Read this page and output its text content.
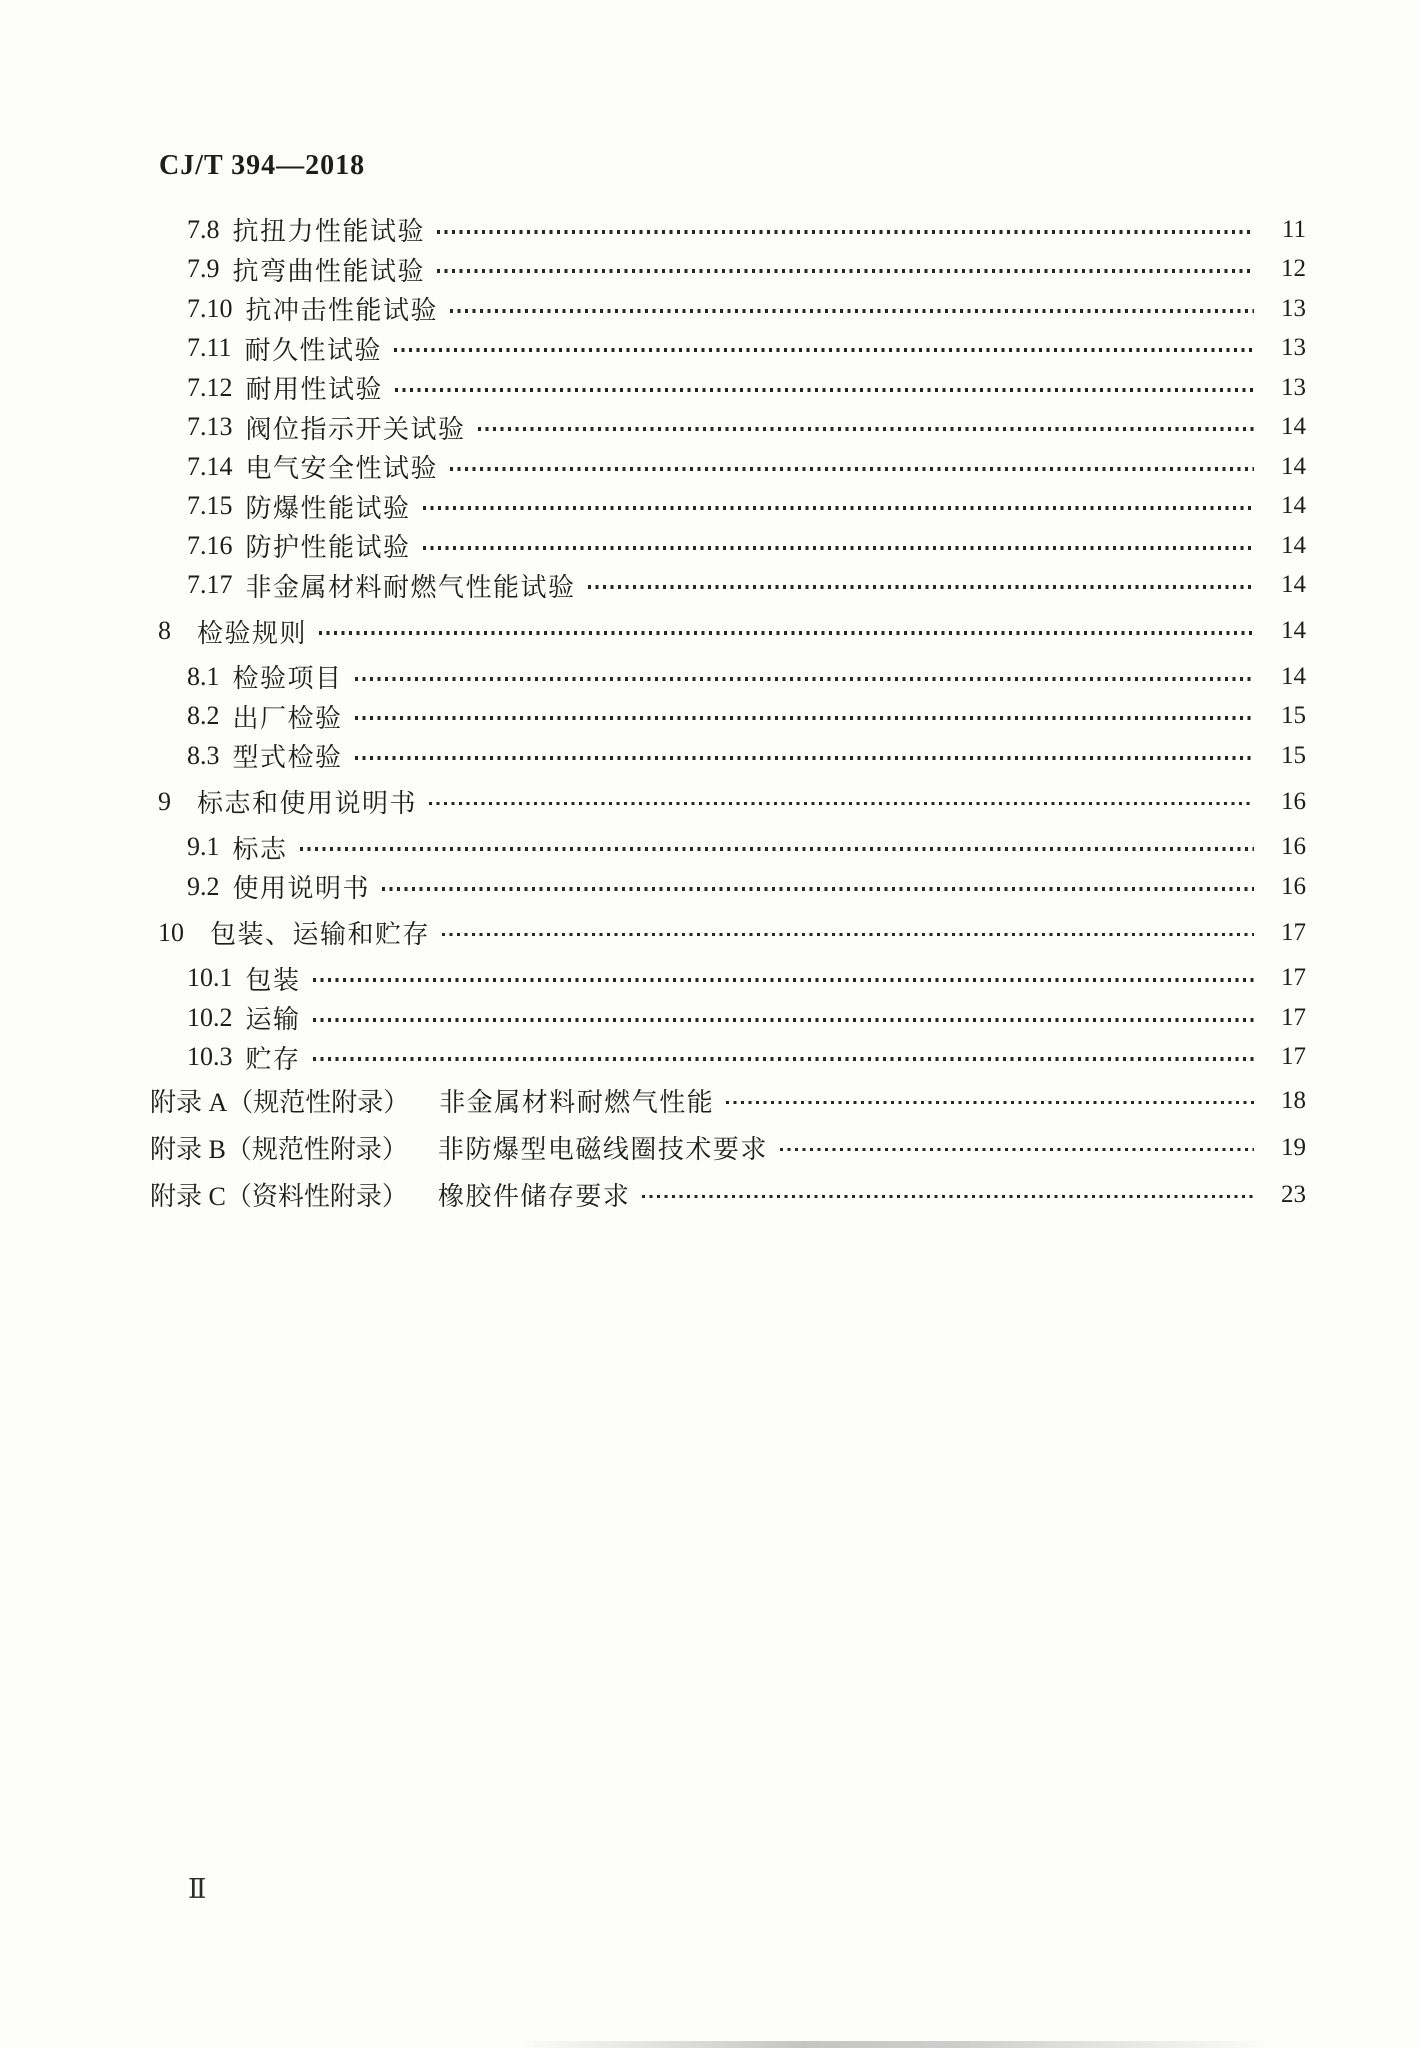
CJ/T 394—2018
7.8 抗扭力性能试验	11
7.9 抗弯曲性能试验	12
7.10 抗冲击性能试验	13
7.11 耐久性试验	13
7.12 耐用性试验	13
7.13 阀位指示开关试验	14
7.14 电气安全性试验	14
7.15 防爆性能试验	14
7.16 防护性能试验	14
7.17 非金属材料耐燃气性能试验	14
8 检验规则	14
8.1 检验项目	14
8.2 出厂检验	15
8.3 型式检验	15
9 标志和使用说明书	16
9.1 标志	16
9.2 使用说明书	16
10 包装、运输和贮存	17
10.1 包装	17
10.2 运输	17
10.3 贮存	17
附录 A（规范性附录） 非金属材料耐燃气性能	18
附录 B（规范性附录） 非防爆型电磁线圈技术要求	19
附录 C（资料性附录） 橡胶件储存要求	23
Ⅱ
